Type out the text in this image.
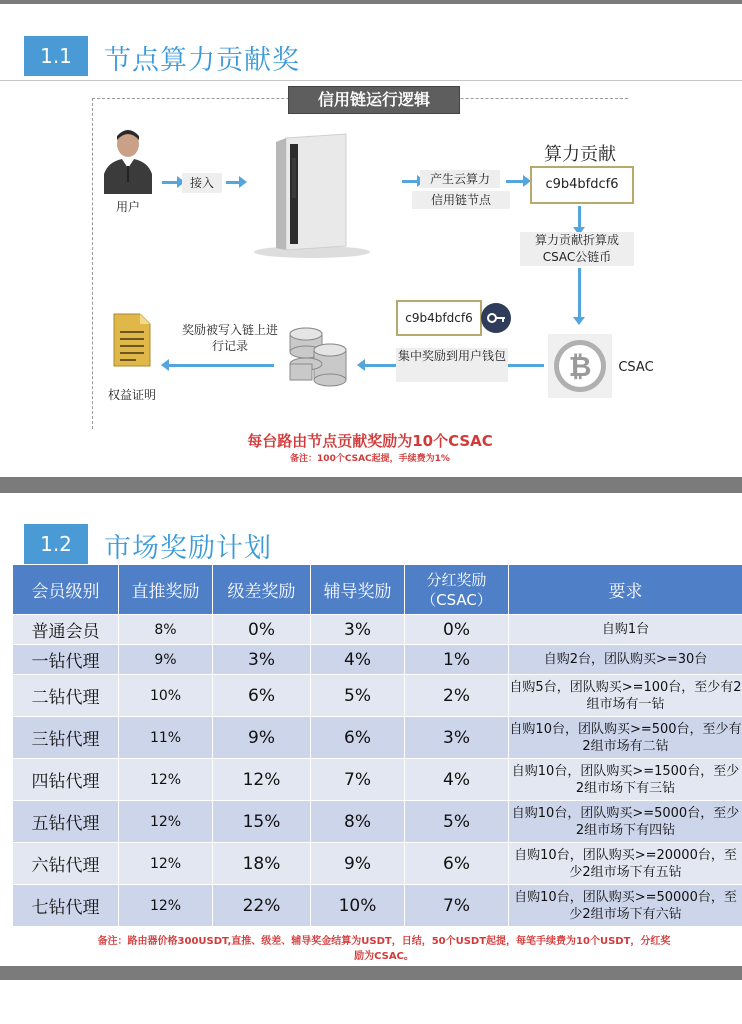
1.1	节点算力贡献奖
信用链运行逻辑
用户
接入	产生云算力
信用链节点
算力贡献
c9b4bfdcf6
算力贡献折算成CSAC公链币
₿ CSAC
c9b4bfdcf6
集中奖励到用户钱包
奖励被写入链上进行记录
权益证明
每台路由节点贡献奖励为10个CSAC
备注：100个CSAC起提，手续费为1%
1.2	市场奖励计划
会员级别	直推奖励	级差奖励	辅导奖励	分红奖励（CSAC）	要求
普通会员	8%	0%	3%	0%	自购1台
一钻代理	9%	3%	4%	1%	自购2台，团队购买>=30台
二钻代理	10%	6%	5%	2%	自购5台，团队购买>=100台，至少有2组市场有一钻
三钻代理	11%	9%	6%	3%	自购10台，团队购买>=500台，至少有2组市场有二钻
四钻代理	12%	12%	7%	4%	自购10台，团队购买>=1500台，至少2组市场下有三钻
五钻代理	12%	15%	8%	5%	自购10台，团队购买>=5000台，至少2组市场下有四钻
六钻代理	12%	18%	9%	6%	自购10台，团队购买>=20000台，至少2组市场下有五钻
七钻代理	12%	22%	10%	7%	自购10台，团队购买>=50000台，至少2组市场下有六钻
备注：路由器价格300USDT,直推、级差、辅导奖金结算为USDT，日结，50个USDT起提，每笔手续费为10个USDT，分红奖励为CSAC。
